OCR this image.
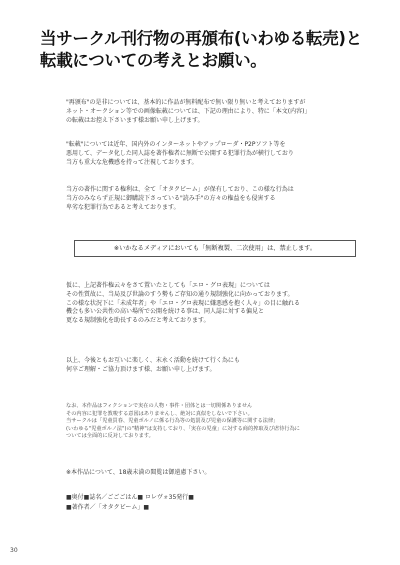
当サークル刊行物の再頒布(いわゆる転売)と
転載についての考えとお願い。
"再頒布"の是非については、基本的に作品が無料配布で無い限り無いと考えておりますが
ネット・オークション等での画像転載については、下記の理由により、特に「本文(内容)」
の転載はお控え下さいます様お願い申し上げます。
"転載"については近年、国内外のインターネットやアップローダ・P2Pソフト等を
悪用して、データ化した同人誌を著作権者に無断で公開する犯罪行為が横行しており
当方も重大な危機感を持って注視しております。
当方の著作に関する権利は、全て「オタクビーム」が保有しており、この様な行為は
当方のみならず正規に御購読下さっている"読み手"の方々の権益をも侵害する
卑劣な犯罪行為であると考えております。
※いかなるメディアにおいても「無断複製、二次使用」は、禁止します。
仮に、上記著作権云々をさて置いたとしても「エロ・グロ表現」については
その性質故に、当局及び世論のすう勢もご存知の通り規制強化に向かっております。
この様な状況下に「未成年者」や「エロ・グロ表現に嫌悪感を抱く人々」の目に触れる
機会も多い公共性の高い場所で公開を続ける事は、同人誌に対する偏見と
更なる規制強化を助長するのみだと考えております。
以上、今後ともお互いに楽しく、末永く活動を続けて行く為にも
何卒ご理解・ご協力頂けます様、お願い申し上げます。
なお、本作品はフィクションで実在の人物・事件・団体とは一切関係ありません
その内容に犯罪を教唆する意図はありませんし、絶対に真似をしないで下さい。
当サークルは「児童買春、児童ポルノに係る行為等の処罰及び児童の保護等に関する法律」
(いわゆる"児童ポルノ法")の"精神"は支持しており、「実在の児童」に対する商的搾取及び虐待行為に
ついては全面的に反対しております。
※本作品について、18歳未満の閲覧は御遠慮下さい。
■奥付■誌名／ごごごはん■ ロレヴォ35発行■
■著作者／「オタクビーム」■
30
